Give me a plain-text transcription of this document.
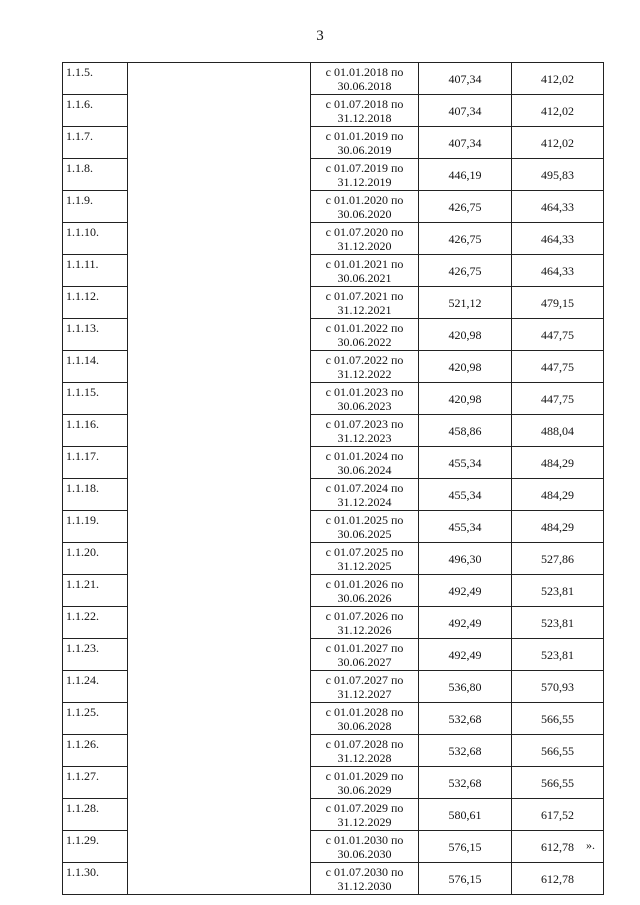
3
1.1.5.		с 01.01.2018 по
30.06.2018	407,34	412,02
1.1.6.		с 01.07.2018 по
31.12.2018	407,34	412,02
1.1.7.		с 01.01.2019 по
30.06.2019	407,34	412,02
1.1.8.		с 01.07.2019 по
31.12.2019	446,19	495,83
1.1.9.		с 01.01.2020 по
30.06.2020	426,75	464,33
1.1.10.		с 01.07.2020 по
31.12.2020	426,75	464,33
1.1.11.		с 01.01.2021 по
30.06.2021	426,75	464,33
1.1.12.		с 01.07.2021 по
31.12.2021	521,12	479,15
1.1.13.		с 01.01.2022 по
30.06.2022	420,98	447,75
1.1.14.		с 01.07.2022 по
31.12.2022	420,98	447,75
1.1.15.		с 01.01.2023 по
30.06.2023	420,98	447,75
1.1.16.		с 01.07.2023 по
31.12.2023	458,86	488,04
1.1.17.		с 01.01.2024 по
30.06.2024	455,34	484,29
1.1.18.		с 01.07.2024 по
31.12.2024	455,34	484,29
1.1.19.		с 01.01.2025 по
30.06.2025	455,34	484,29
1.1.20.		с 01.07.2025 по
31.12.2025	496,30	527,86
1.1.21.		с 01.01.2026 по
30.06.2026	492,49	523,81
1.1.22.		с 01.07.2026 по
31.12.2026	492,49	523,81
1.1.23.		с 01.01.2027 по
30.06.2027	492,49	523,81
1.1.24.		с 01.07.2027 по
31.12.2027	536,80	570,93
1.1.25.		с 01.01.2028 по
30.06.2028	532,68	566,55
1.1.26.		с 01.07.2028 по
31.12.2028	532,68	566,55
1.1.27.		с 01.01.2029 по
30.06.2029	532,68	566,55
1.1.28.		с 01.07.2029 по
31.12.2029	580,61	617,52
1.1.29.		с 01.01.2030 по
30.06.2030	576,15	612,78
1.1.30.		с 01.07.2030 по
31.12.2030	576,15	612,78
».
